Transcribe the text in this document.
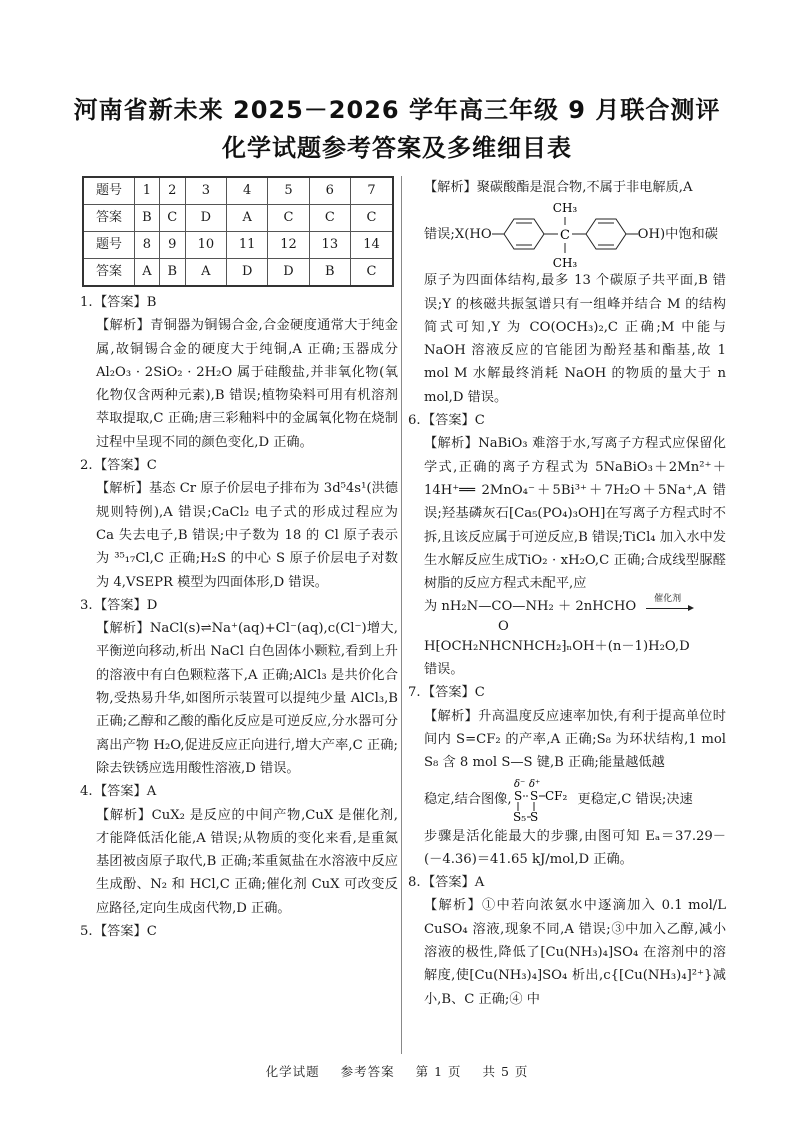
河南省新未来 2025－2026 学年高三年级 9 月联合测评
化学试题参考答案及多维细目表
题号	1	2	3	4	5	6	7
答案	B	C	D	A	C	C	C
题号	8	9	10	11	12	13	14
答案	A	B	A	D	D	B	C

1.【答案】B

【解析】青铜器为铜锡合金,合金硬度通常大于纯金属,故铜锡合金的硬度大于纯铜,A 正确;玉器成分 Al₂O₃ · 2SiO₂ · 2H₂O 属于硅酸盐,并非氧化物(氧化物仅含两种元素),B 错误;植物染料可用有机溶剂萃取提取,C 正确;唐三彩釉料中的金属氧化物在烧制过程中呈现不同的颜色变化,D 正确。

2.【答案】C

【解析】基态 Cr 原子价层电子排布为 3d⁵4s¹(洪德规则特例),A 错误;CaCl₂ 电子式的形成过程应为 Ca 失去电子,B 错误;中子数为 18 的 Cl 原子表示为 ³⁵₁₇Cl,C 正确;H₂S 的中心 S 原子价层电子对数为 4,VSEPR 模型为四面体形,D 错误。

3.【答案】D

【解析】NaCl(s)⇌Na⁺(aq)+Cl⁻(aq),c(Cl⁻)增大,平衡逆向移动,析出 NaCl 白色固体小颗粒,看到上升的溶液中有白色颗粒落下,A 正确;AlCl₃ 是共价化合物,受热易升华,如图所示装置可以提纯少量 AlCl₃,B 正确;乙醇和乙酸的酯化反应是可逆反应,分水器可分离出产物 H₂O,促进反应正向进行,增大产率,C 正确;除去铁锈应选用酸性溶液,D 错误。

4.【答案】A

【解析】CuX₂ 是反应的中间产物,CuX 是催化剂,才能降低活化能,A 错误;从物质的变化来看,是重氮基团被卤原子取代,B 正确;苯重氮盐在水溶液中反应生成酚、N₂ 和 HCl,C 正确;催化剂 CuX 可改变反应路径,定向生成卤代物,D 正确。

5.【答案】C

【解析】聚碳酸酯是混合物,不属于非电解质,A

错误;X(HO	C
CH₃
CH₃
OH)中饱和碳

原子为四面体结构,最多 13 个碳原子共平面,B 错误;Y 的核磁共振氢谱只有一组峰并结合 M 的结构简式可知,Y 为 CO(OCH₃)₂,C 正确;M 中能与 NaOH 溶液反应的官能团为酚羟基和酯基,故 1 mol M 水解最终消耗 NaOH 的物质的量大于 n mol,D 错误。

6.【答案】C

【解析】NaBiO₃ 难溶于水,写离子方程式应保留化学式,正确的离子方程式为 5NaBiO₃＋2Mn²⁺＋14H⁺══ 2MnO₄⁻＋5Bi³⁺＋7H₂O＋5Na⁺,A 错误;羟基磷灰石[Ca₅(PO₄)₃OH]在写离子方程式时不拆,且该反应属于可逆反应,B 错误;TiCl₄ 加入水中发生水解反应生成TiO₂ · xH₂O,C 正确;合成线型脲醛树脂的反应方程式未配平,应

为 nH₂N—CO—NH₂ ＋ 2nHCHO
催化剂

O

H⁅OCH₂NHCNHCH₂⁆ₙOH＋(n－1)H₂O,D

错误。

7.【答案】C

【解析】升高温度反应速率加快,有利于提高单位时间内 S=CF₂ 的产率,A 正确;S₈ 为环状结构,1 mol S₈ 含 8 mol S—S 键,B 正确;能量越低越

稳定,结合图像,
δ⁻ δ⁺
S S CF₂
S₅ S
更稳定,C 错误;决速

步骤是活化能最大的步骤,由图可知 Eₐ＝37.29－(－4.36)＝41.65 kJ/mol,D 正确。

8.【答案】A

【解析】①中若向浓氨水中逐滴加入 0.1 mol/L CuSO₄ 溶液,现象不同,A 错误;③中加入乙醇,减小溶液的极性,降低了[Cu(NH₃)₄]SO₄ 在溶剂中的溶解度,使[Cu(NH₃)₄]SO₄ 析出,c{[Cu(NH₃)₄]²⁺}减小,B、C 正确;④ 中

化学试题 参考答案 第 1 页 共 5 页
